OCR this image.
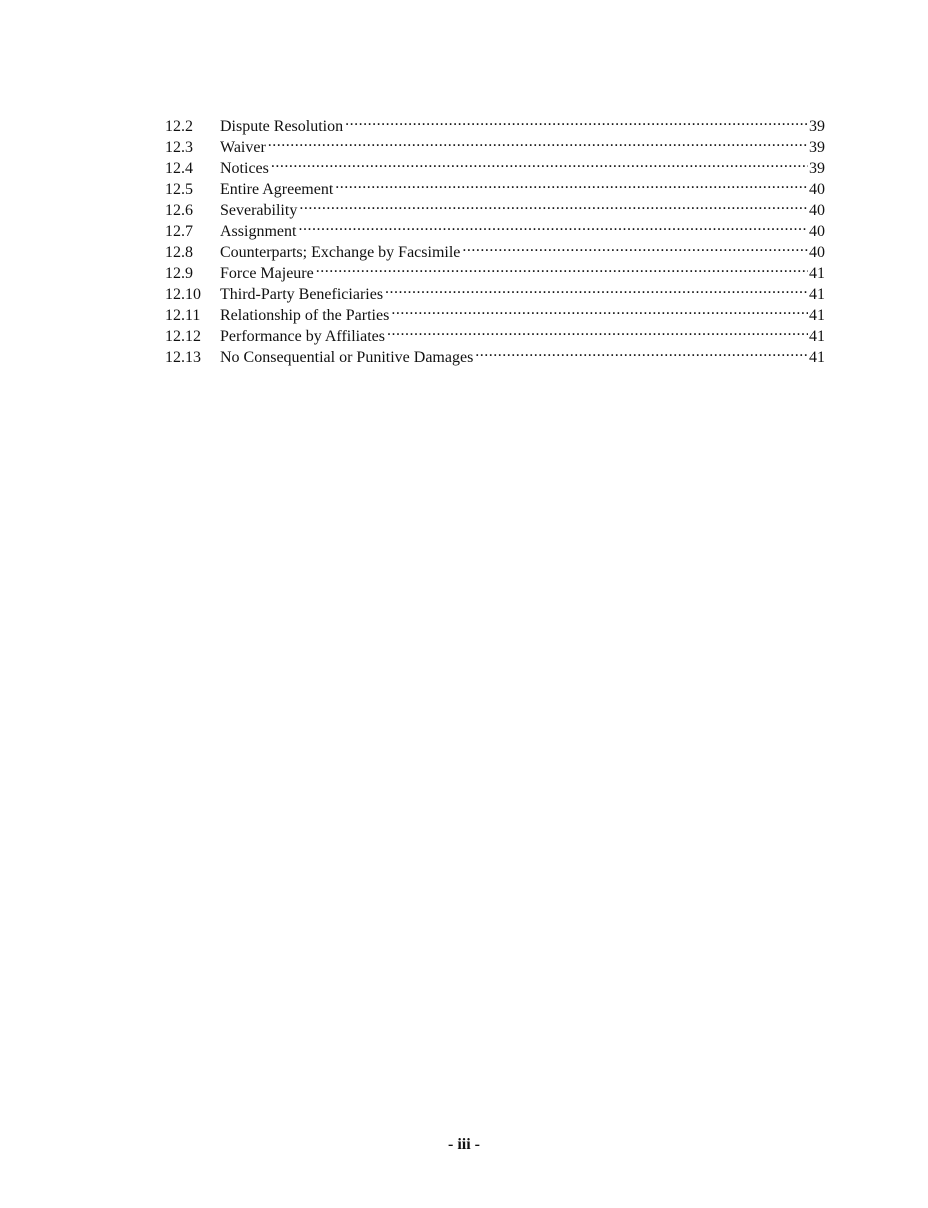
12.2	Dispute Resolution .....	39
12.3	Waiver .....	39
12.4	Notices .....	39
12.5	Entire Agreement .....	40
12.6	Severability .....	40
12.7	Assignment .....	40
12.8	Counterparts; Exchange by Facsimile .....	40
12.9	Force Majeure .....	41
12.10	Third-Party Beneficiaries .....	41
12.11	Relationship of the Parties .....	41
12.12	Performance by Affiliates .....	41
12.13	No Consequential or Punitive Damages .....	41
- iii -
